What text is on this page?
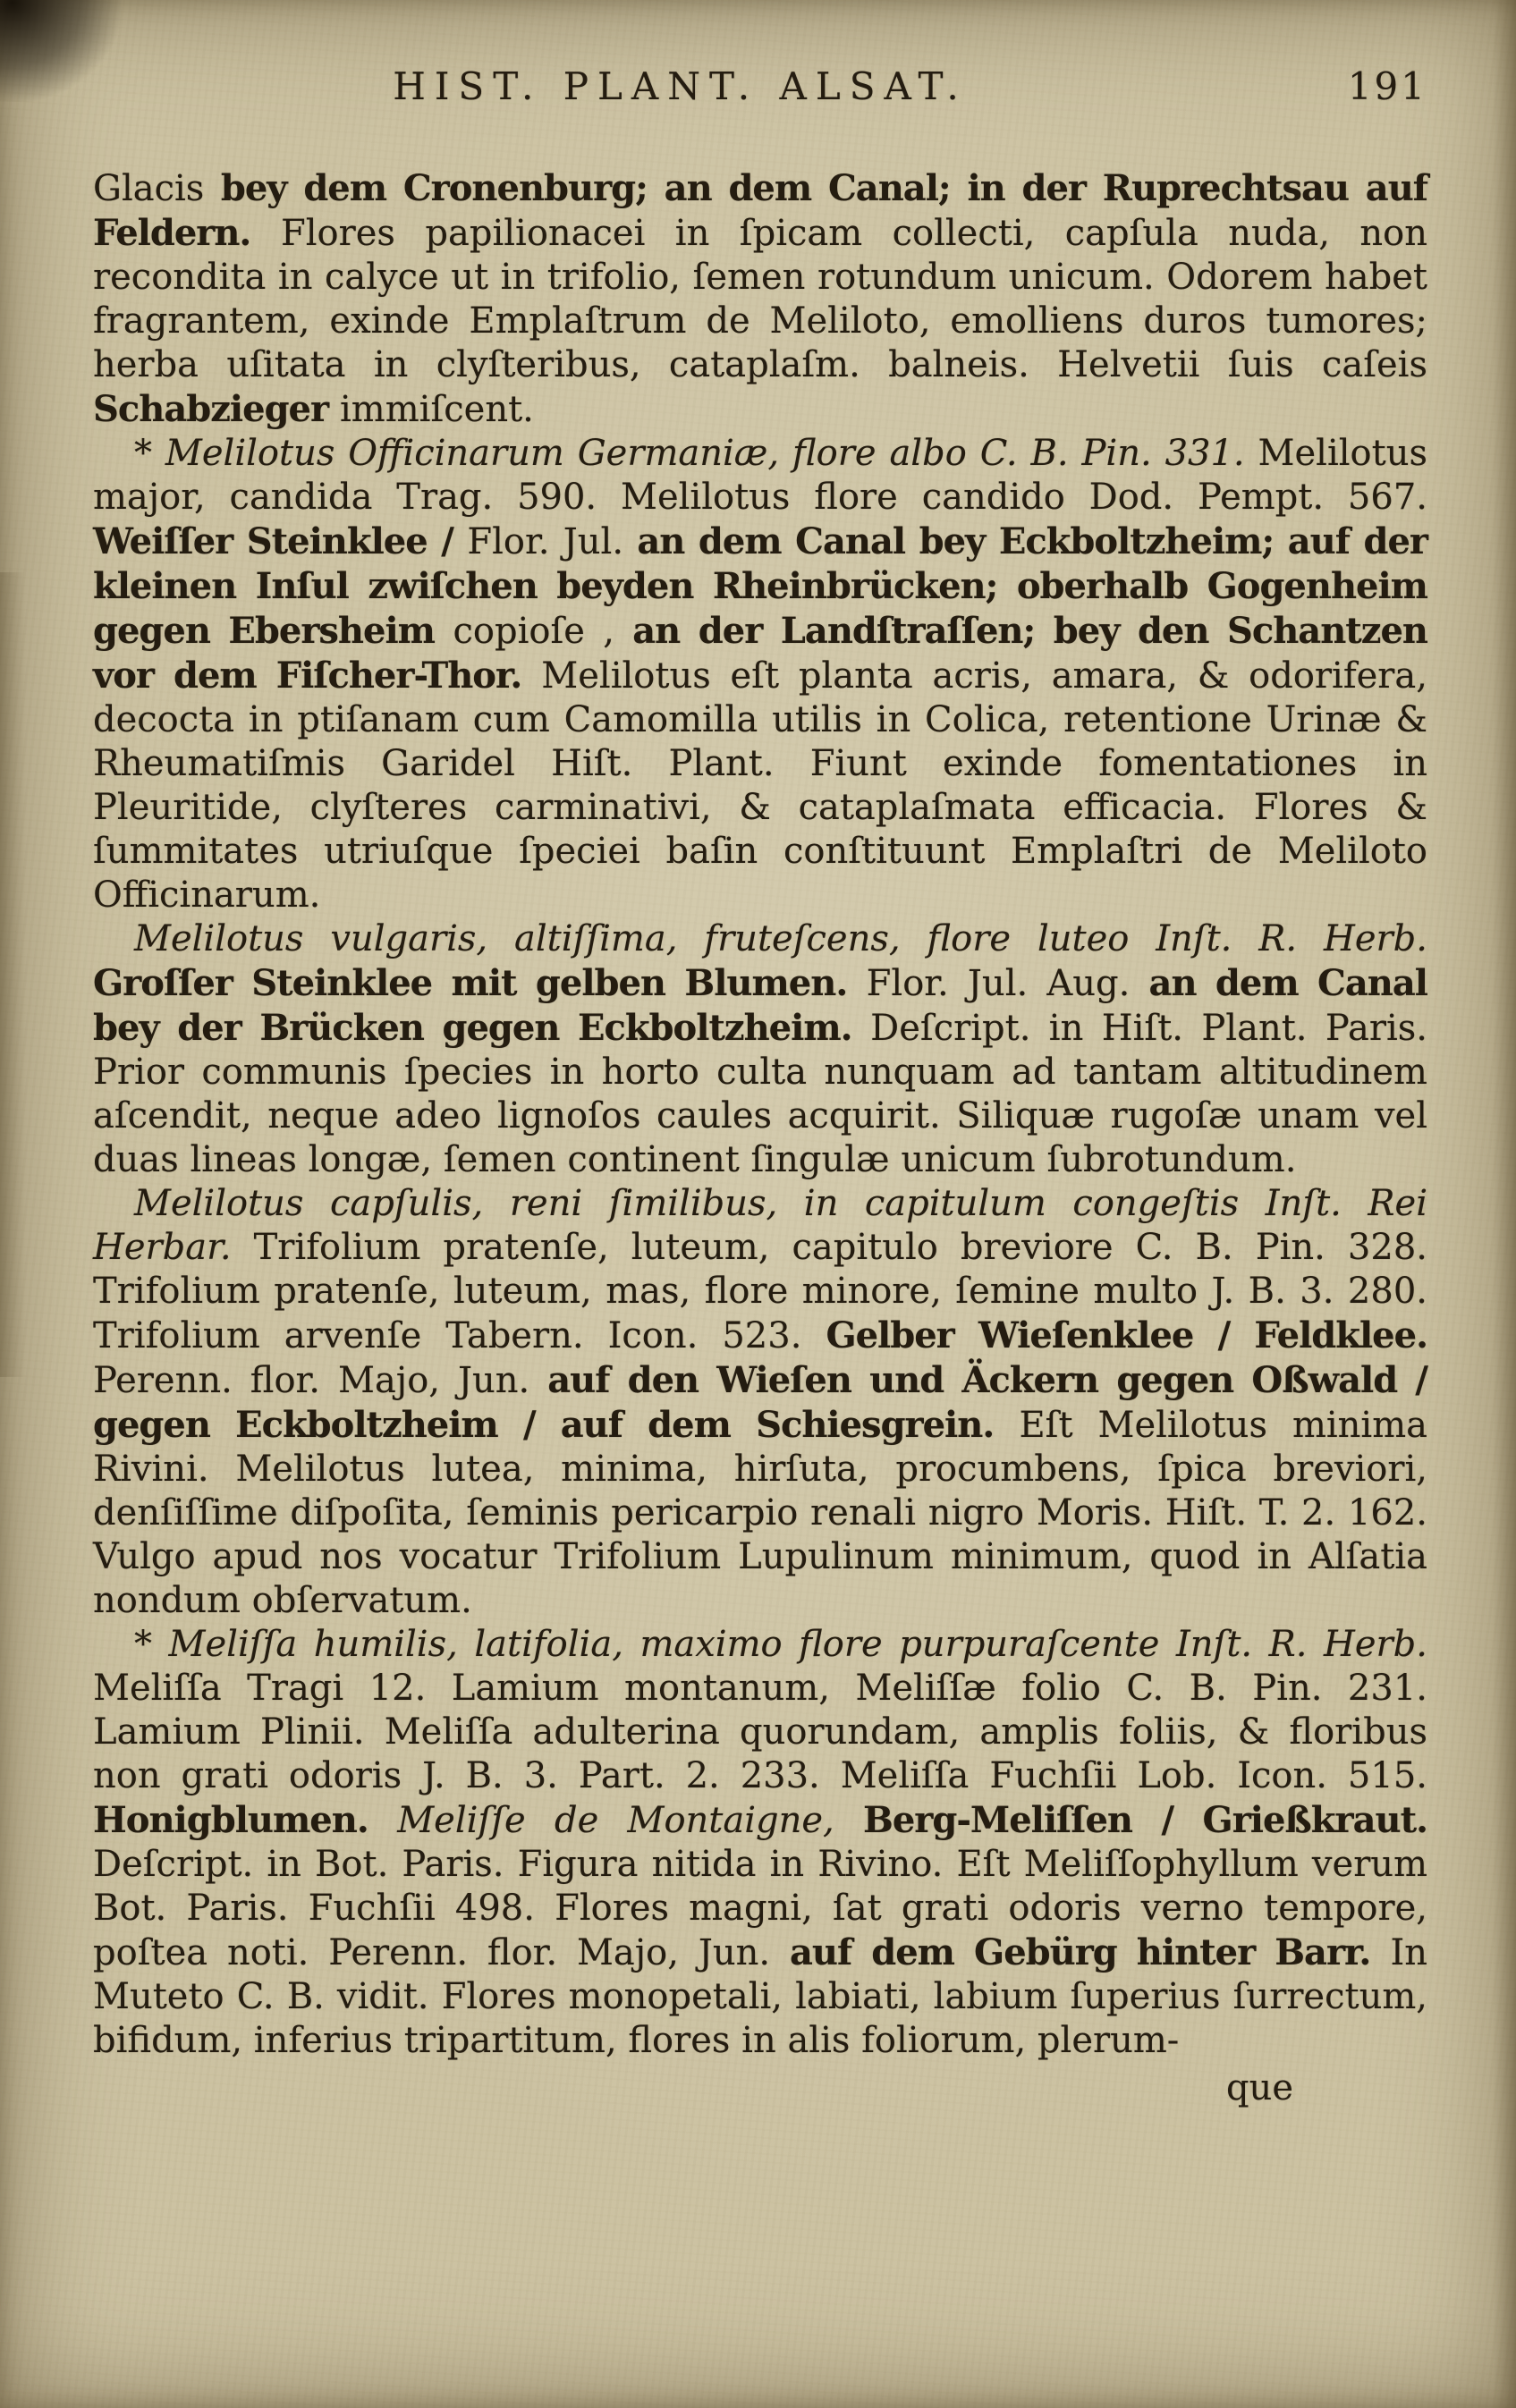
HIST. PLANT. ALSAT.	191

Glacis bey dem Cronenburg; an dem Canal; in der Ruprechtsau auf Feldern. Flores papilionacei in ſpicam collecti, capſula nuda, non recondita in calyce ut in trifolio, ſemen rotundum unicum. Odorem habet fragrantem, exinde Emplaſtrum de Meliloto, emolliens duros tumores; herba uſitata in clyſteribus, cataplaſm. balneis. Helvetii ſuis caſeis Schabzieger immiſcent.

* Melilotus Officinarum Germaniæ, flore albo C. B. Pin. 331. Melilotus major, candida Trag. 590. Melilotus flore candido Dod. Pempt. 567. Weiſſer Steinklee / Flor. Jul. an dem Canal bey Eckboltzheim; auf der kleinen Inſul zwiſchen beyden Rheinbrücken; oberhalb Gogenheim gegen Ebersheim copioſe , an der Landſtraſſen; bey den Schantzen vor dem Fiſcher-Thor. Melilotus eſt planta acris, amara, & odorifera, decocta in ptiſanam cum Camomilla utilis in Colica, retentione Urinæ & Rheumatiſmis Garidel Hiſt. Plant. Fiunt exinde fomentationes in Pleuritide, clyſteres carminativi, & cataplaſmata efficacia. Flores & ſummitates utriuſque ſpeciei baſin conſtituunt Emplaſtri de Meliloto Officinarum.

Melilotus vulgaris, altiſſima, fruteſcens, flore luteo Inſt. R. Herb. Groſſer Steinklee mit gelben Blumen. Flor. Jul. Aug. an dem Canal bey der Brücken gegen Eckboltzheim. Deſcript. in Hiſt. Plant. Paris. Prior communis ſpecies in horto culta nunquam ad tantam altitudinem aſcendit, neque adeo lignoſos caules acquirit. Siliquæ rugoſæ unam vel duas lineas longæ, ſemen continent ſingulæ unicum ſubrotundum.

Melilotus capſulis, reni ſimilibus, in capitulum congeſtis Inſt. Rei Herbar. Trifolium pratenſe, luteum, capitulo breviore C. B. Pin. 328. Trifolium pratenſe, luteum, mas, flore minore, ſemine multo J. B. 3. 280. Trifolium arvenſe Tabern. Icon. 523. Gelber Wieſenklee / Feldklee. Perenn. flor. Majo, Jun. auf den Wieſen und Äckern gegen Oßwald / gegen Eckboltzheim / auf dem Schiesgrein. Eſt Melilotus minima Rivini. Melilotus lutea, minima, hirſuta, procumbens, ſpica breviori, denſiſſime diſpoſita, ſeminis pericarpio renali nigro Moris. Hiſt. T. 2. 162. Vulgo apud nos vocatur Trifolium Lupulinum minimum, quod in Alſatia nondum obſervatum.

* Meliſſa humilis, latifolia, maximo flore purpuraſcente Inſt. R. Herb. Meliſſa Tragi 12. Lamium montanum, Meliſſæ folio C. B. Pin. 231. Lamium Plinii. Meliſſa adulterina quorundam, amplis foliis, & floribus non grati odoris J. B. 3. Part. 2. 233. Meliſſa Fuchſii Lob. Icon. 515. Honigblumen. Meliſſe de Montaigne, Berg-Meliſſen / Grießkraut. Deſcript. in Bot. Paris. Figura nitida in Rivino. Eſt Meliſſophyllum verum Bot. Paris. Fuchſii 498. Flores magni, ſat grati odoris verno tempore, poſtea noti. Perenn. flor. Majo, Jun. auf dem Gebürg hinter Barr. In Muteto C. B. vidit. Flores monopetali, labiati, labium ſuperius ſurrectum, bifidum, inferius tripartitum, flores in alis foliorum, plerum-

que
